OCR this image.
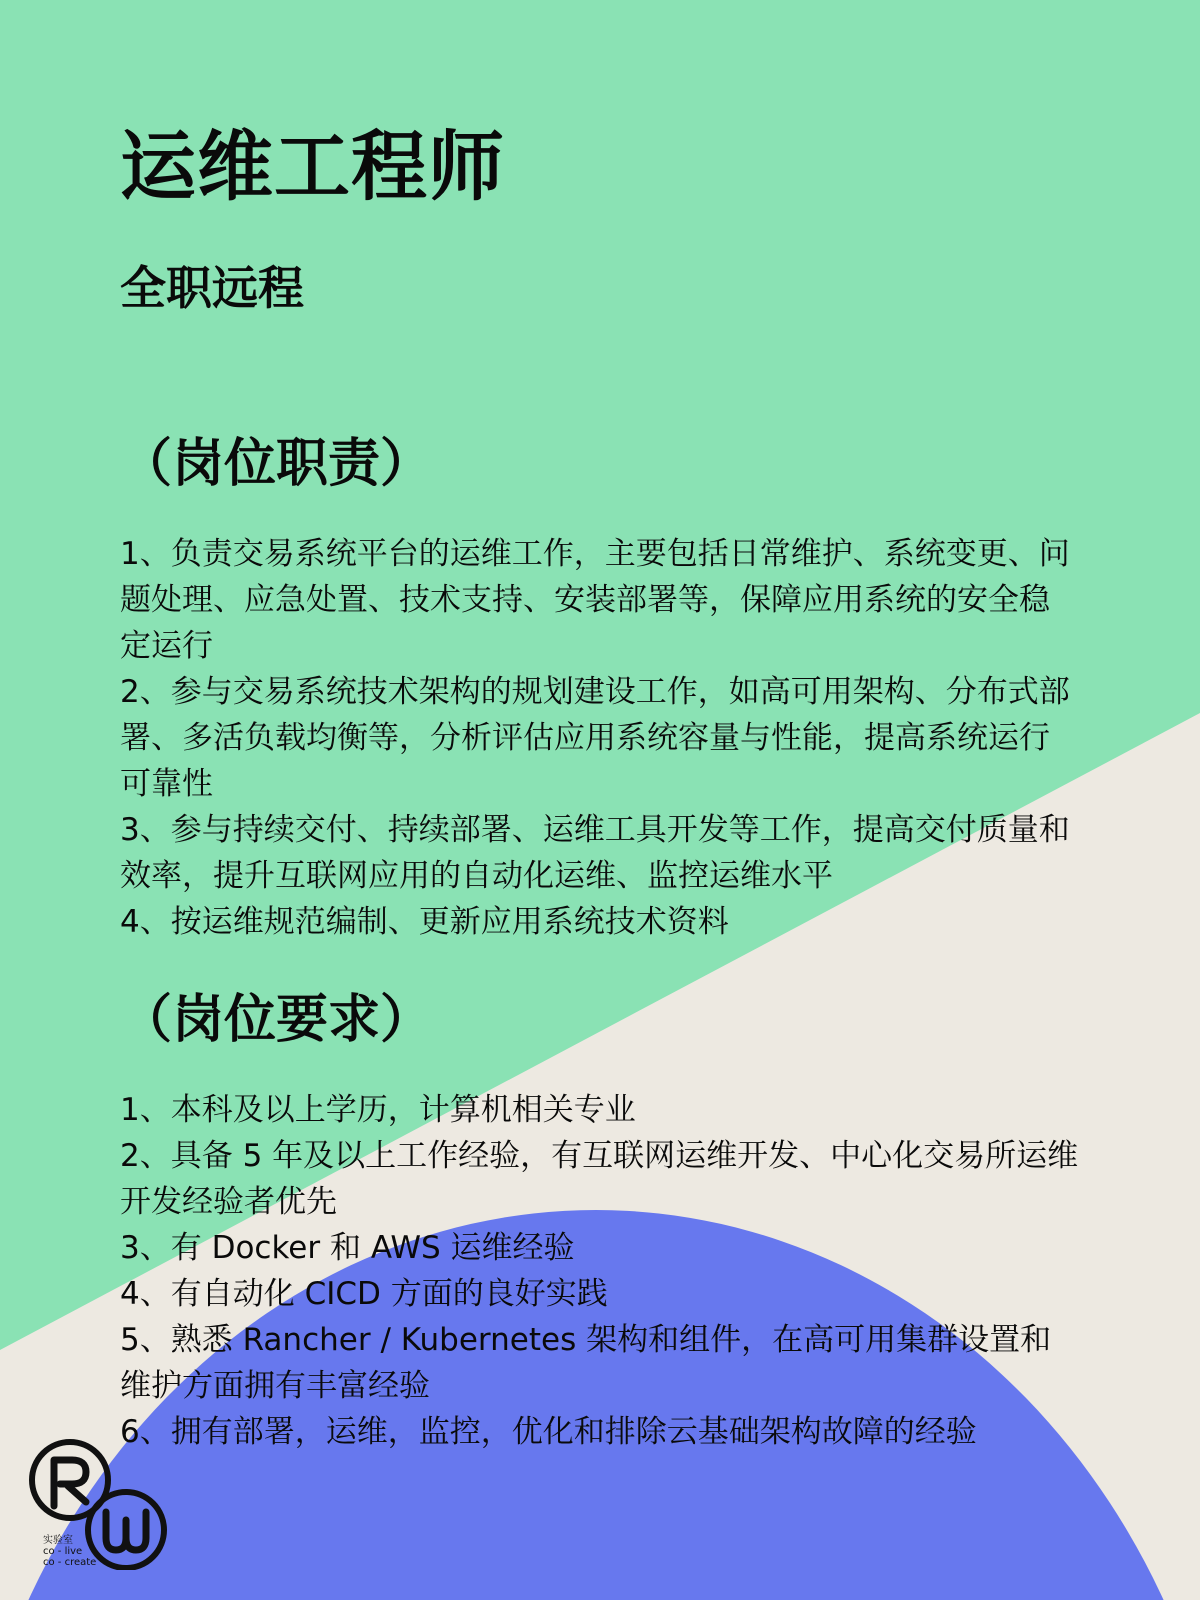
运维工程师
全职远程
（岗位职责）
1、负责交易系统平台的运维工作，主要包括日常维护、系统变更、问题处理、应急处置、技术支持、安装部署等，保障应用系统的安全稳定运行
2、参与交易系统技术架构的规划建设工作，如高可用架构、分布式部署、多活负载均衡等，分析评估应用系统容量与性能，提高系统运行可靠性
3、参与持续交付、持续部署、运维工具开发等工作，提高交付质量和效率，提升互联网应用的自动化运维、监控运维水平
4、按运维规范编制、更新应用系统技术资料
（岗位要求）
1、本科及以上学历，计算机相关专业
2、具备 5 年及以上工作经验，有互联网运维开发、中心化交易所运维开发经验者优先
3、有 Docker 和 AWS 运维经验
4、有自动化 CICD 方面的良好实践
5、熟悉 Rancher / Kubernetes 架构和组件，在高可用集群设置和维护方面拥有丰富经验
6、拥有部署，运维，监控，优化和排除云基础架构故障的经验
实验室
co - live
co - create
